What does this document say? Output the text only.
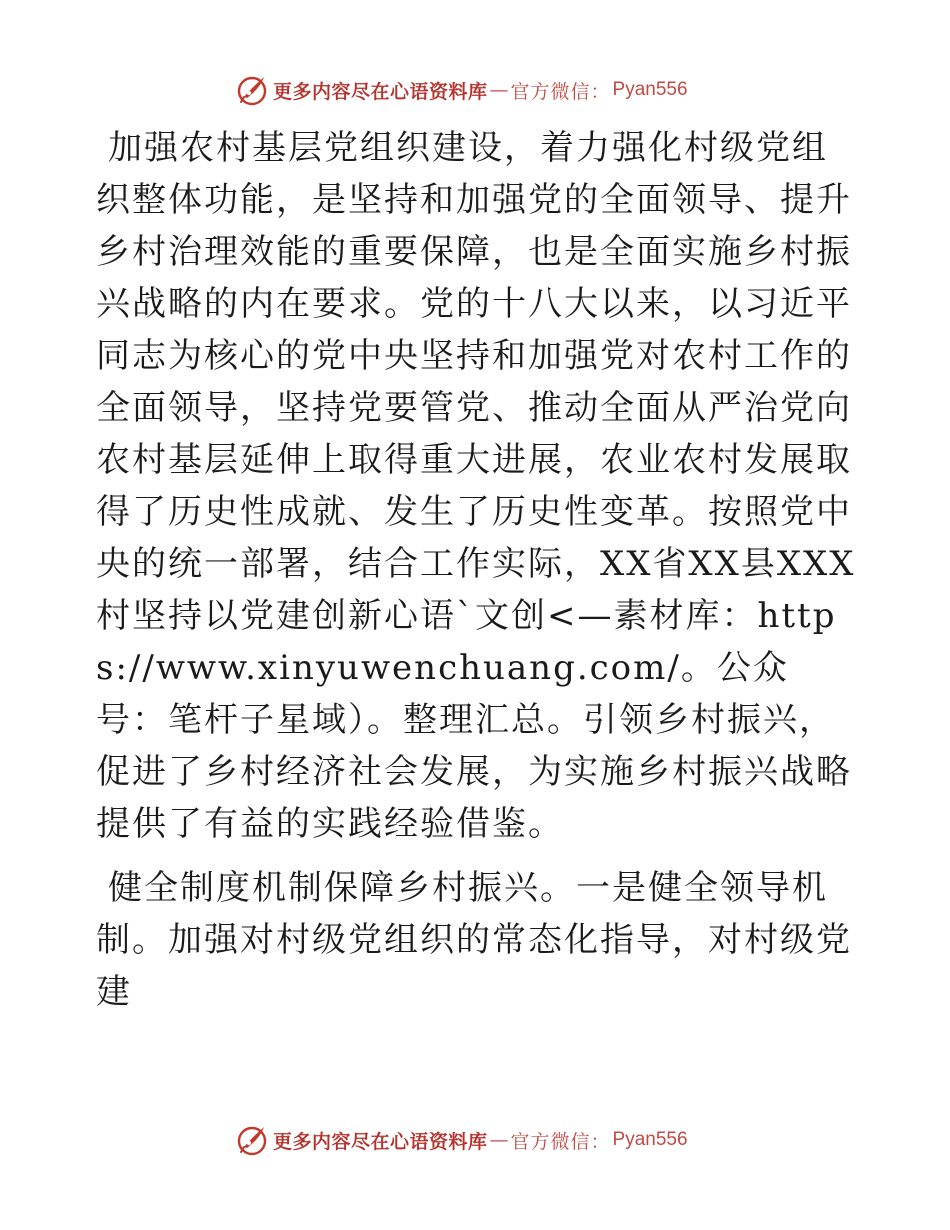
更多内容尽在心语资料库 — 官方微信： Pyan556

加强农村基层党组织建设，着力强化村级党组织整体功能，是坚持和加强党的全面领导、提升乡村治理效能的重要保障，也是全面实施乡村振兴战略的内在要求。党的十八大以来，以习近平同志为核心的党中央坚持和加强党对农村工作的全面领导，坚持党要管党、推动全面从严治党向农村基层延伸上取得重大进展，农业农村发展取得了历史性成就、发生了历史性变革。按照党中央的统一部署，结合工作实际，XX省XX县XXX村坚持以党建创新心语`文创<—素材库：https://www.xinyuwenchuang.com/。公众号：笔杆子星域）。整理汇总。引领乡村振兴，促进了乡村经济社会发展，为实施乡村振兴战略提供了有益的实践经验借鉴。

健全制度机制保障乡村振兴。一是健全领导机制。加强对村级党组织的常态化指导，对村级党建

更多内容尽在心语资料库 — 官方微信： Pyan556
